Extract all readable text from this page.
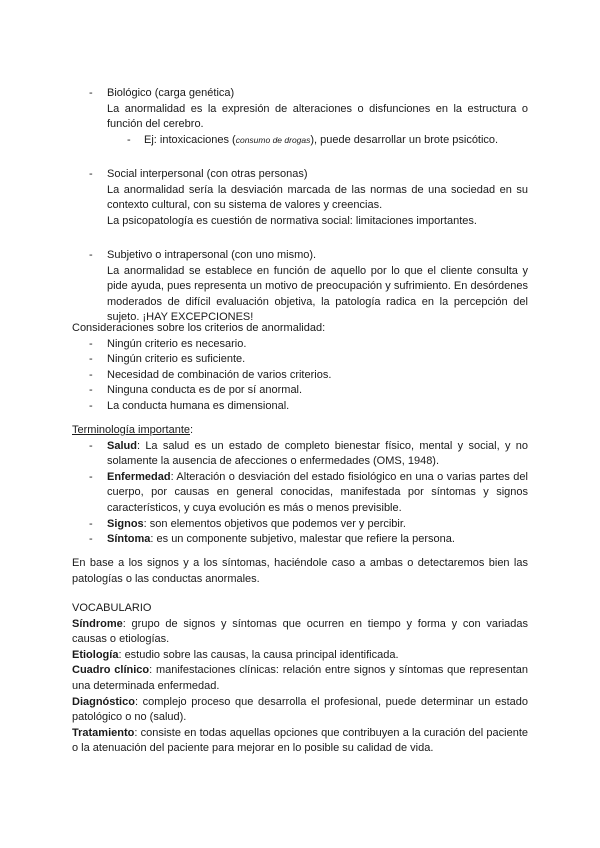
- Biológico (carga genética)
La anormalidad es la expresión de alteraciones o disfunciones en la estructura o función del cerebro.
- Ej: intoxicaciones (consumo de drogas), puede desarrollar un brote psicótico.
- Social interpersonal (con otras personas)
La anormalidad sería la desviación marcada de las normas de una sociedad en su contexto cultural, con su sistema de valores y creencias.
La psicopatología es cuestión de normativa social: limitaciones importantes.
- Subjetivo o intrapersonal (con uno mismo).
La anormalidad se establece en función de aquello por lo que el cliente consulta y pide ayuda, pues representa un motivo de preocupación y sufrimiento. En desórdenes moderados de difícil evaluación objetiva, la patología radica en la percepción del sujeto. ¡HAY EXCEPCIONES!
Consideraciones sobre los criterios de anormalidad:
- Ningún criterio es necesario.
- Ningún criterio es suficiente.
- Necesidad de combinación de varios criterios.
- Ninguna conducta es de por sí anormal.
- La conducta humana es dimensional.
Terminología importante:
- Salud: La salud es un estado de completo bienestar físico, mental y social, y no solamente la ausencia de afecciones o enfermedades (OMS, 1948).
- Enfermedad: Alteración o desviación del estado fisiológico en una o varias partes del cuerpo, por causas en general conocidas, manifestada por síntomas y signos característicos, y cuya evolución es más o menos previsible.
- Signos: son elementos objetivos que podemos ver y percibir.
- Síntoma: es un componente subjetivo, malestar que refiere la persona.
En base a los signos y a los síntomas, haciéndole caso a ambas o detectaremos bien las patologías o las conductas anormales.
VOCABULARIO
Síndrome: grupo de signos y síntomas que ocurren en tiempo y forma y con variadas causas o etiologías.
Etiología: estudio sobre las causas, la causa principal identificada.
Cuadro clínico: manifestaciones clínicas: relación entre signos y síntomas que representan una determinada enfermedad.
Diagnóstico: complejo proceso que desarrolla el profesional, puede determinar un estado patológico o no (salud).
Tratamiento: consiste en todas aquellas opciones que contribuyen a la curación del paciente o la atenuación del paciente para mejorar en lo posible su calidad de vida.
